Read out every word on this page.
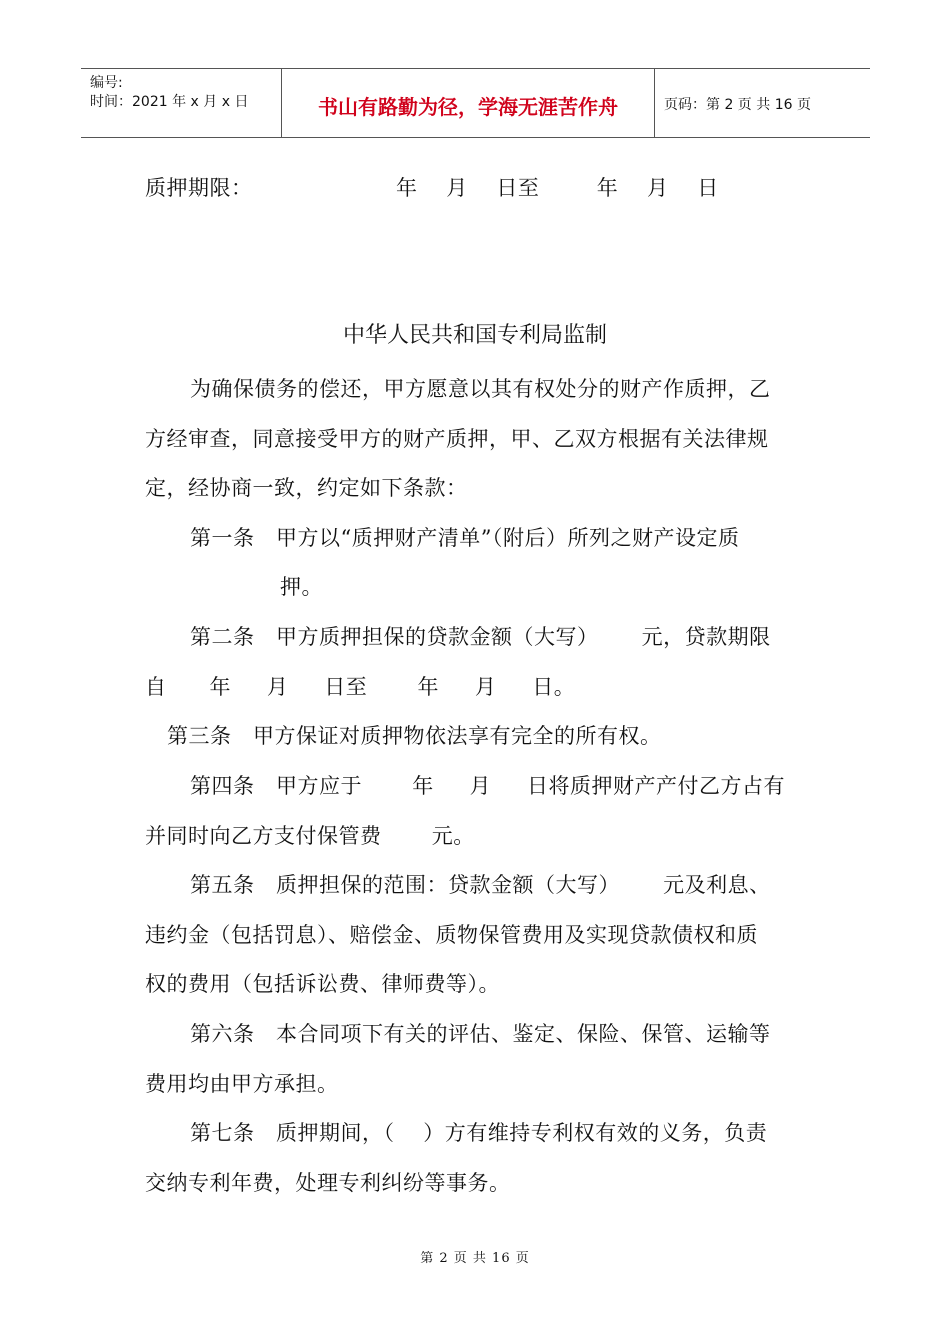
编号:
时间：2021 年 x 月 x 日	书山有路勤为径，学海无涯苦作舟	页码：第 2 页 共 16 页
质押期限：                    年    月    日至        年    月    日
中华人民共和国专利局监制
为确保债务的偿还，甲方愿意以其有权处分的财产作质押，乙
方经审查，同意接受甲方的财产质押，甲、乙双方根据有关法律规
定，经协商一致，约定如下条款：
第一条   甲方以“质押财产清单”（附后）所列之财产设定质
押。
第二条   甲方质押担保的贷款金额（大写）      元，贷款期限
自      年     月     日至       年     月     日。
第三条   甲方保证对质押物依法享有完全的所有权。
第四条   甲方应于       年     月     日将质押财产产付乙方占有
并同时向乙方支付保管费       元。
第五条   质押担保的范围：贷款金额（大写）      元及利息、
违约金（包括罚息）、赔偿金、质物保管费用及实现贷款债权和质
权的费用（包括诉讼费、律师费等）。
第六条   本合同项下有关的评估、鉴定、保险、保管、运输等
费用均由甲方承担。
第七条   质押期间，（    ）方有维持专利权有效的义务，负责
交纳专利年费，处理专利纠纷等事务。
第 2 页 共 16 页
